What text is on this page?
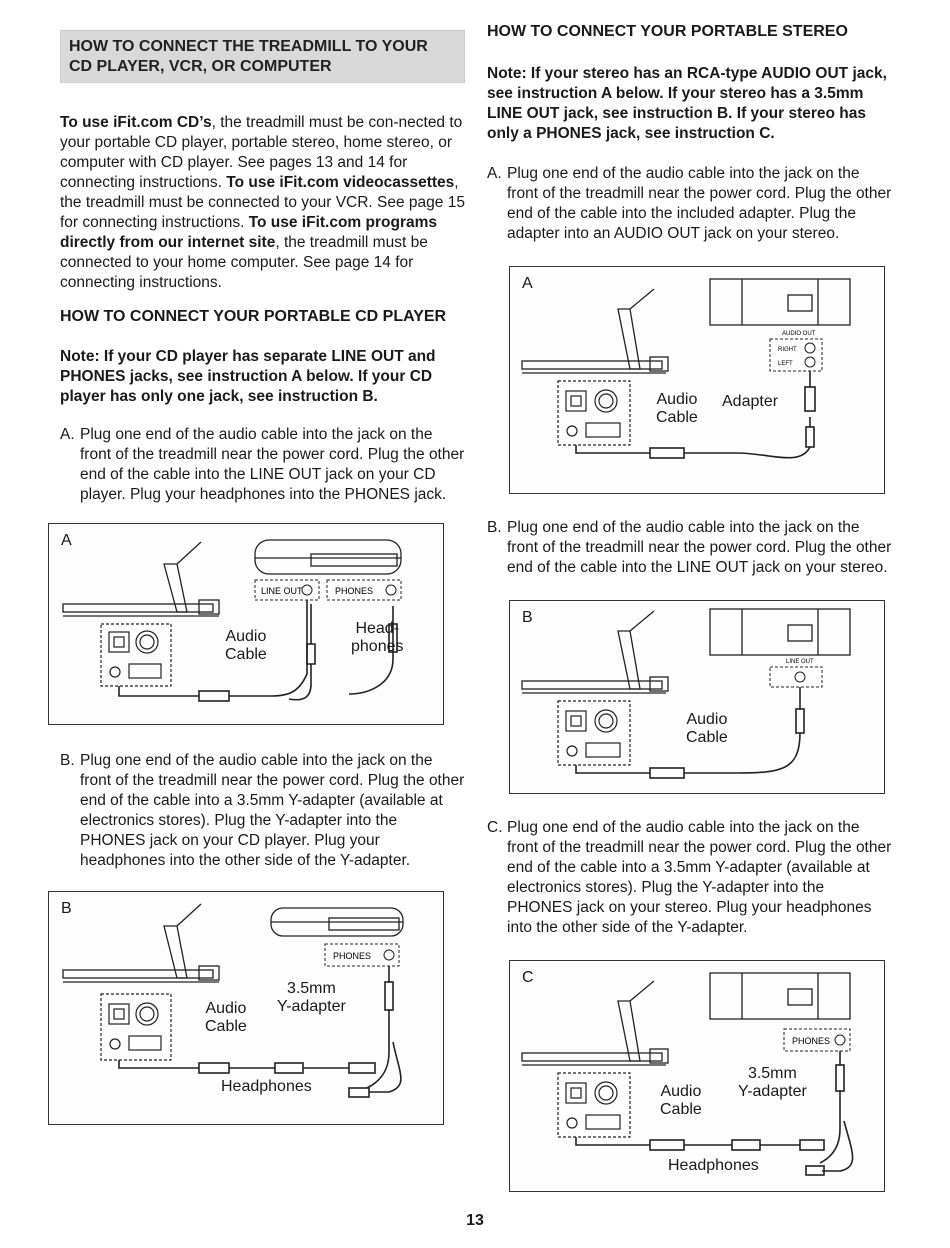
HOW TO CONNECT THE TREADMILL TO YOUR
CD PLAYER, VCR, OR COMPUTER

To use iFit.com CD’s, the treadmill must be con-nected to your portable CD player, portable stereo, home stereo, or computer with CD player. See pages 13 and 14 for connecting instructions. To use iFit.com videocassettes, the treadmill must be connected to your VCR. See page 15 for connecting instructions. To use iFit.com programs directly from our internet site, the treadmill must be connected to your home computer. See page 14 for connecting instructions.

HOW TO CONNECT YOUR PORTABLE CD PLAYER
Note: If your CD player has separate LINE OUT and PHONES jacks, see instruction A below. If your CD player has only one jack, see instruction B.
A. Plug one end of the audio cable into the jack on the front of the treadmill near the power cord. Plug the other end of the cable into the LINE OUT jack on your CD player. Plug your headphones into the PHONES jack.
A
LINE OUT	PHONES
Audio
Cable
Head-
phones
B. Plug one end of the audio cable into the jack on the front of the treadmill near the power cord. Plug the other end of the cable into a 3.5mm Y-adapter (available at electronics stores). Plug the Y-adapter into the PHONES jack on your CD player. Plug your headphones into the other side of the Y-adapter.
B
PHONES
Audio
Cable
3.5mm
Y-adapter
Headphones
HOW TO CONNECT YOUR PORTABLE STEREO
Note: If your stereo has an RCA-type AUDIO OUT jack, see instruction A below. If your stereo has a 3.5mm LINE OUT jack, see instruction B. If your stereo has only a PHONES jack, see instruction C.
A. Plug one end of the audio cable into the jack on the front of the treadmill near the power cord. Plug the other end of the cable into the included adapter. Plug the adapter into an AUDIO OUT jack on your stereo.
A
AUDIO OUT
RIGHT
LEFT
Audio
Cable
Adapter
B. Plug one end of the audio cable into the jack on the front of the treadmill near the power cord. Plug the other end of the cable into the LINE OUT jack on your stereo.
B
LINE OUT
Audio
Cable
C. Plug one end of the audio cable into the jack on the front of the treadmill near the power cord. Plug the other end of the cable into a 3.5mm Y-adapter (available at electronics stores). Plug the Y-adapter into the PHONES jack on your stereo. Plug your headphones into the other side of the Y-adapter.
C
PHONES
Audio
Cable
3.5mm
Y-adapter
Headphones
13
